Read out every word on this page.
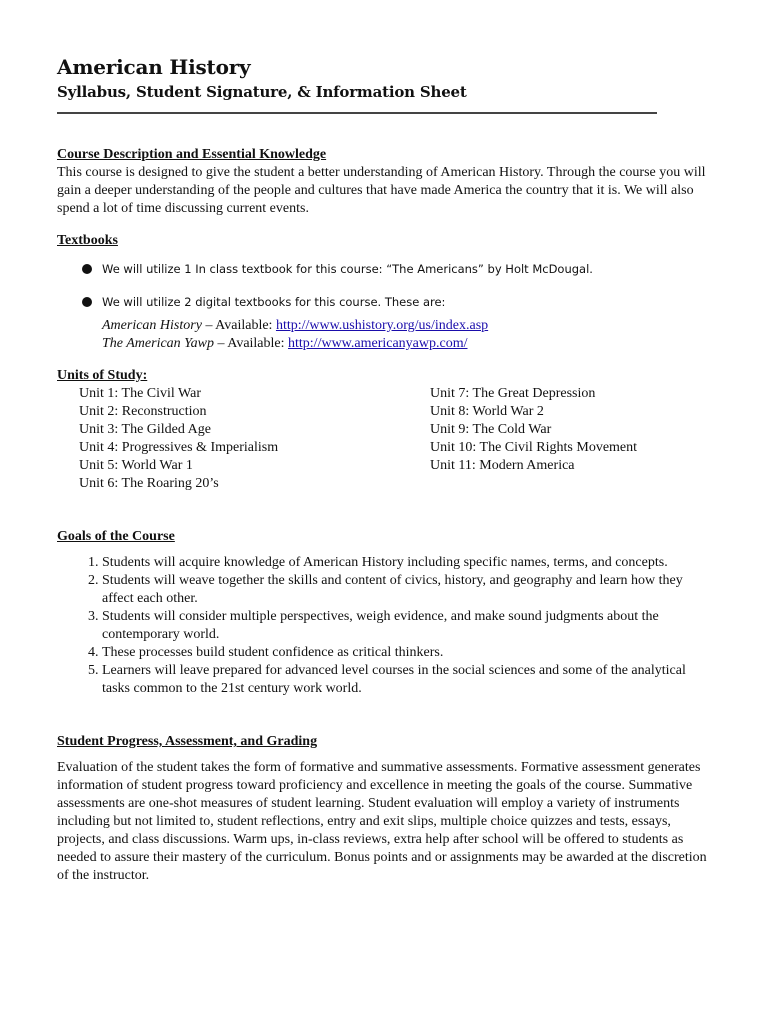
American History
Syllabus, Student Signature, & Information Sheet
Course Description and Essential Knowledge

This course is designed to give the student a better understanding of American History. Through the course you will gain a deeper understanding of the people and cultures that have made America the country that it is. We will also spend a lot of time discussing current events.

Textbooks
We will utilize 1 In class textbook for this course: “The Americans” by Holt McDougal.
We will utilize 2 digital textbooks for this course. These are:
American History – Available: http://www.ushistory.org/us/index.asp
The American Yawp – Available: http://www.americanyawp.com/
Units of Study:
Unit 1: The Civil War
Unit 2: Reconstruction
Unit 3: The Gilded Age
Unit 4: Progressives & Imperialism
Unit 5: World War 1
Unit 6: The Roaring 20’s
Unit 7: The Great Depression
Unit 8: World War 2
Unit 9: The Cold War
Unit 10: The Civil Rights Movement
Unit 11: Modern America
Goals of the Course
1. Students will acquire knowledge of American History including specific names, terms, and concepts.
2. Students will weave together the skills and content of civics, history, and geography and learn how they affect each other.
3. Students will consider multiple perspectives, weigh evidence, and make sound judgments about the contemporary world.
4. These processes build student confidence as critical thinkers.
5. Learners will leave prepared for advanced level courses in the social sciences and some of the analytical tasks common to the 21st century work world.
Student Progress, Assessment, and Grading

Evaluation of the student takes the form of formative and summative assessments. Formative assessment generates information of student progress toward proficiency and excellence in meeting the goals of the course. Summative assessments are one-shot measures of student learning. Student evaluation will employ a variety of instruments including but not limited to, student reflections, entry and exit slips, multiple choice quizzes and tests, essays, projects, and class discussions. Warm ups, in-class reviews, extra help after school will be offered to students as needed to assure their mastery of the curriculum. Bonus points and or assignments may be awarded at the discretion of the instructor.
